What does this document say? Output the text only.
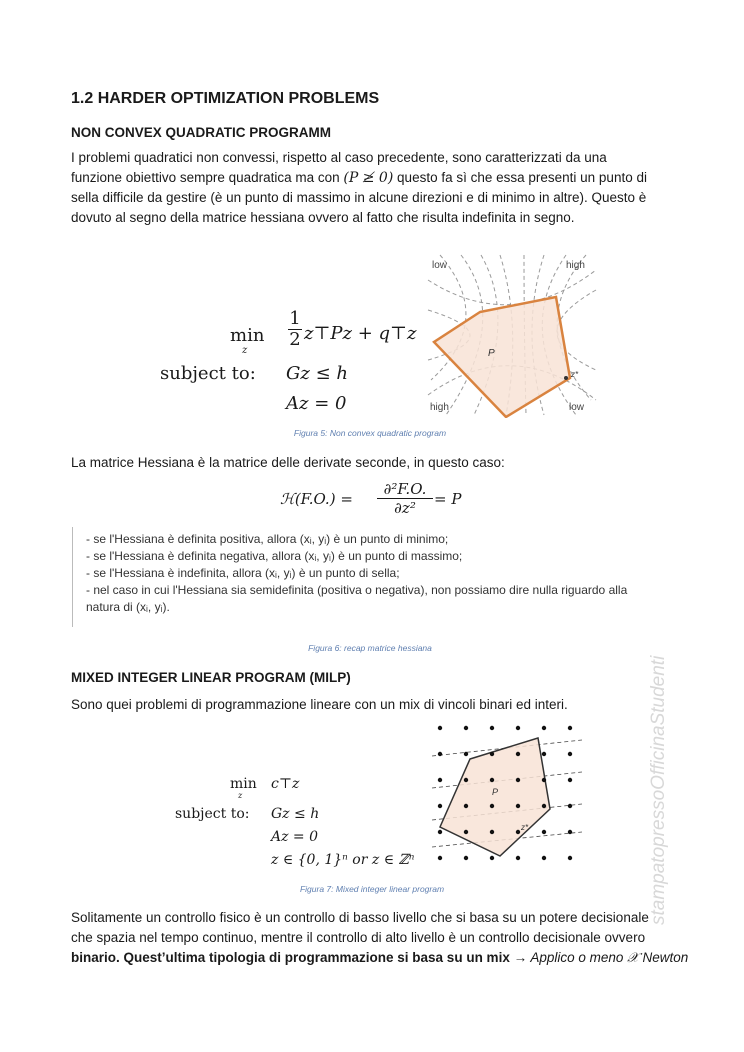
1.2 HARDER OPTIMIZATION PROBLEMS
NON CONVEX QUADRATIC PROGRAMM
I problemi quadratici non convessi, rispetto al caso precedente, sono caratterizzati da una
funzione obiettivo sempre quadratica ma con (P ≱ 0) questo fa sì che essa presenti un punto di
sella difficile da gestire (è un punto di massimo in alcune direzioni e di minimo in altre). Questo è
dovuto al segno della matrice hessiana ovvero al fatto che risulta indefinita in segno.
min
z
$\frac{1}{2}$ z⊤Pz + q⊤z
subject to: Gz ≤ h
Az = 0
low	high
high	low
P
z*
Figura 5: Non convex quadratic program
La matrice Hessiana è la matrice delle derivate seconde, in questo caso:
ℋ(F.O.) = $\frac{\text{∂²F.O.}}{\text{∂z²}} = P$
- se l'Hessiana è definita positiva, allora (xᵢ, yᵢ) è un punto di minimo;
- se l'Hessiana è definita negativa, allora (xᵢ, yᵢ) è un punto di massimo;
- se l'Hessiana è indefinita, allora (xᵢ, yᵢ) è un punto di sella;
- nel caso in cui l'Hessiana sia semidefinita (positiva o negativa), non possiamo dire nulla riguardo alla
natura di (xᵢ, yᵢ).
Figura 6: recap matrice hessiana
MIXED INTEGER LINEAR PROGRAM (MILP)
Sono quei problemi di programmazione lineare con un mix di vincoli binari ed interi.
min
z
c⊤z
subject to: Gz ≤ h
Az = 0
z ∈ {0, 1}ⁿ or z ∈ ℤⁿ
P
z*
Figura 7: Mixed integer linear program
Solitamente un controllo fisico è un controllo di basso livello che si basa su un potere decisionale
che spazia nel tempo continuo, mentre il controllo di alto livello è un controllo decisionale ovvero
binario. Quest’ultima tipologia di programmazione si basa su un mix → Applico o meno 𝒳 Newton
stampatopressoOfficinaStudenti
